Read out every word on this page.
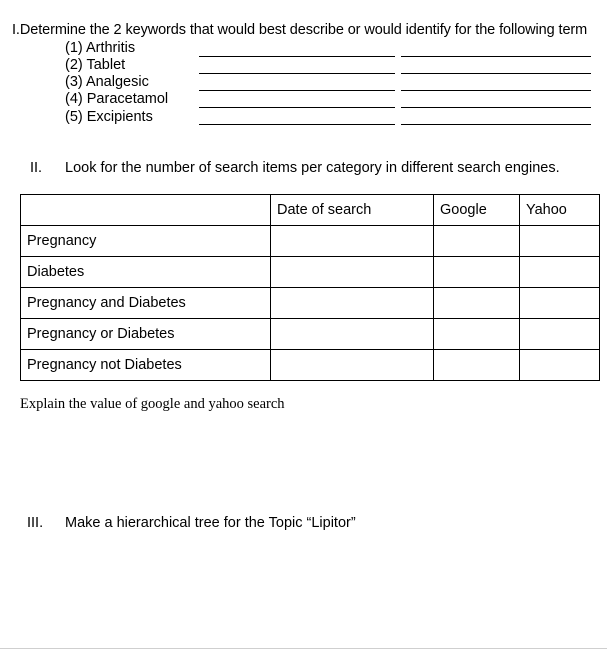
I.Determine the 2 keywords that would best describe or would identify for the following term
(1) Arthritis
(2) Tablet
(3) Analgesic
(4) Paracetamol
(5) Excipients
II. Look for the number of search items per category in different search engines.
	Date of search	Google	Yahoo
Pregnancy			
Diabetes			
Pregnancy and Diabetes			
Pregnancy or Diabetes			
Pregnancy not Diabetes			
Explain the value of google and yahoo search
III. Make a hierarchical tree for the Topic “Lipitor”
